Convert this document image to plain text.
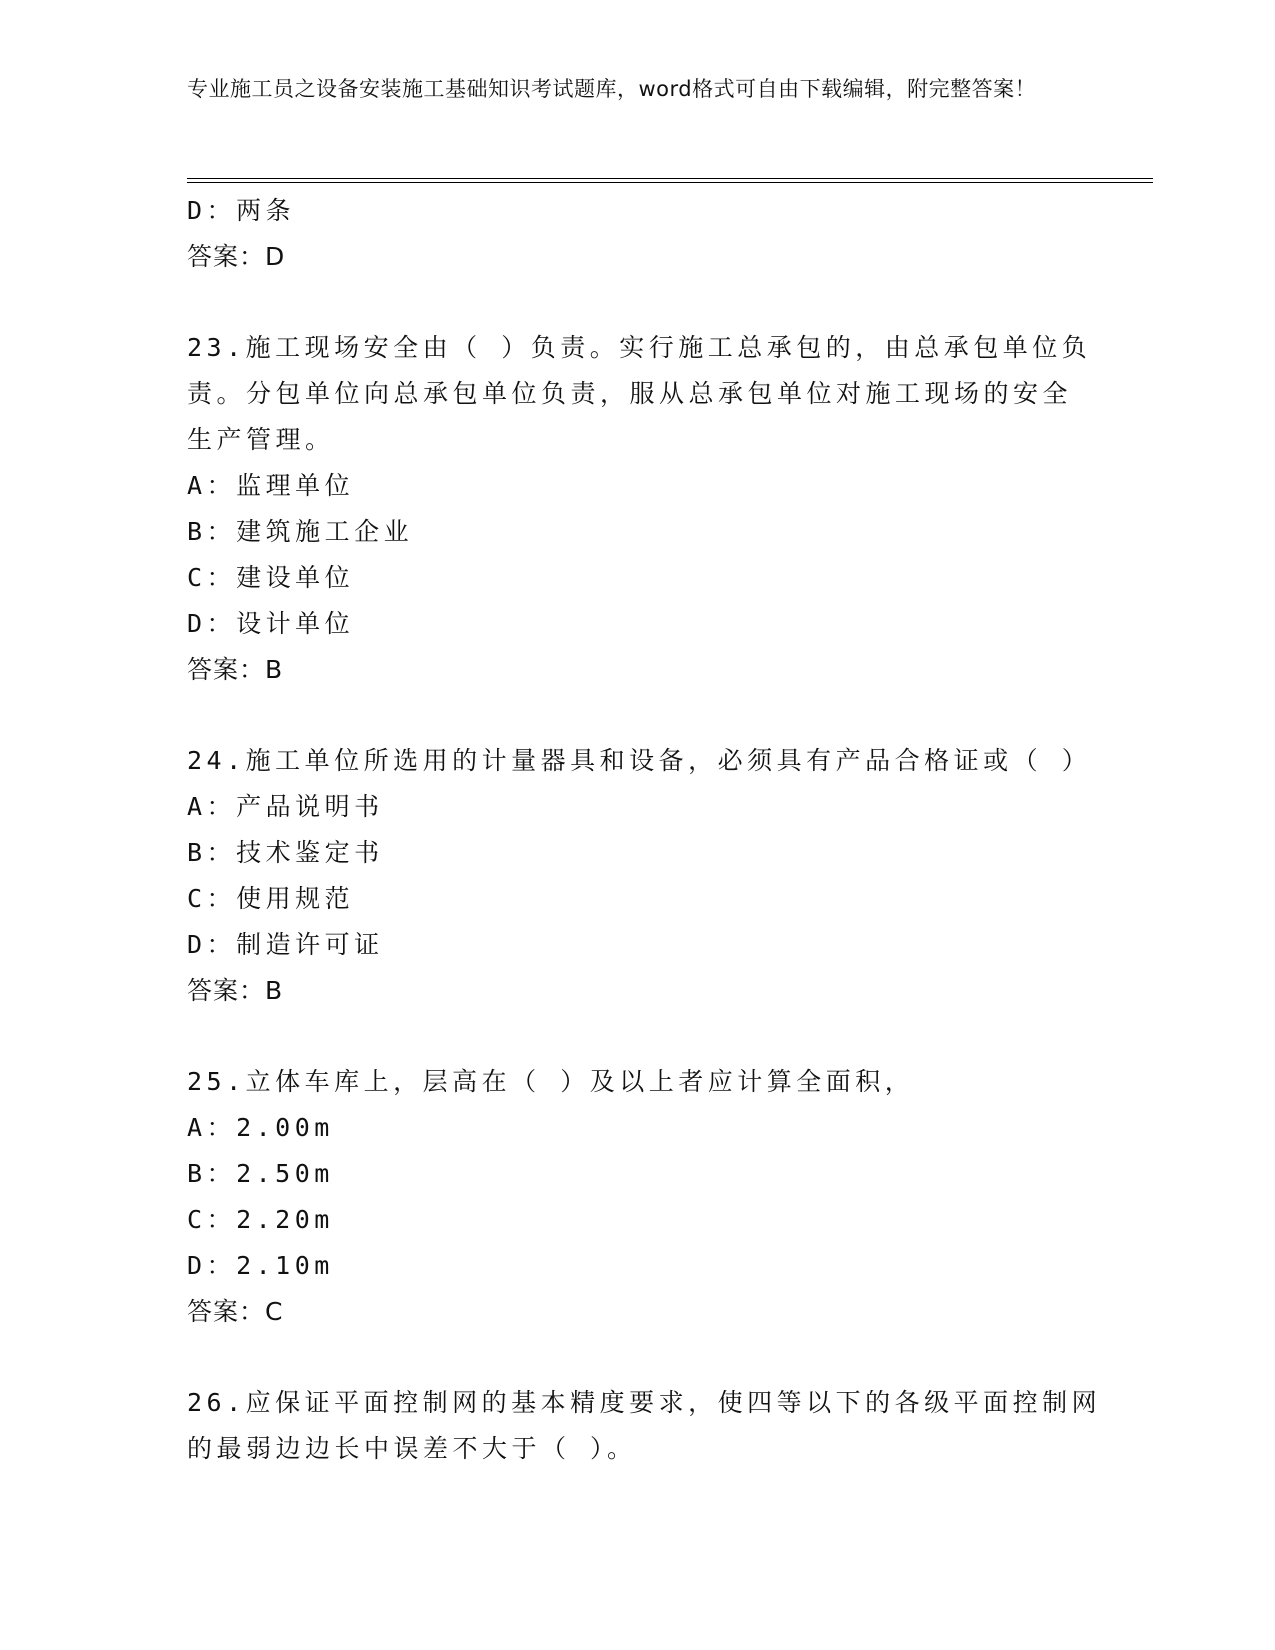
专业施工员之设备安装施工基础知识考试题库，word格式可自由下载编辑，附完整答案！
D：两条
答案：D
23.施工现场安全由（ ）负责。实行施工总承包的，由总承包单位负
责。分包单位向总承包单位负责，服从总承包单位对施工现场的安全
生产管理。
A：监理单位
B：建筑施工企业
C：建设单位
D：设计单位
答案：B
24.施工单位所选用的计量器具和设备，必须具有产品合格证或（ ）
A：产品说明书
B：技术鉴定书
C：使用规范
D：制造许可证
答案：B
25.立体车库上，层高在（ ）及以上者应计算全面积，
A：2.00m
B：2.50m
C：2.20m
D：2.10m
答案：C
26.应保证平面控制网的基本精度要求，使四等以下的各级平面控制网
的最弱边边长中误差不大于（ ）。
